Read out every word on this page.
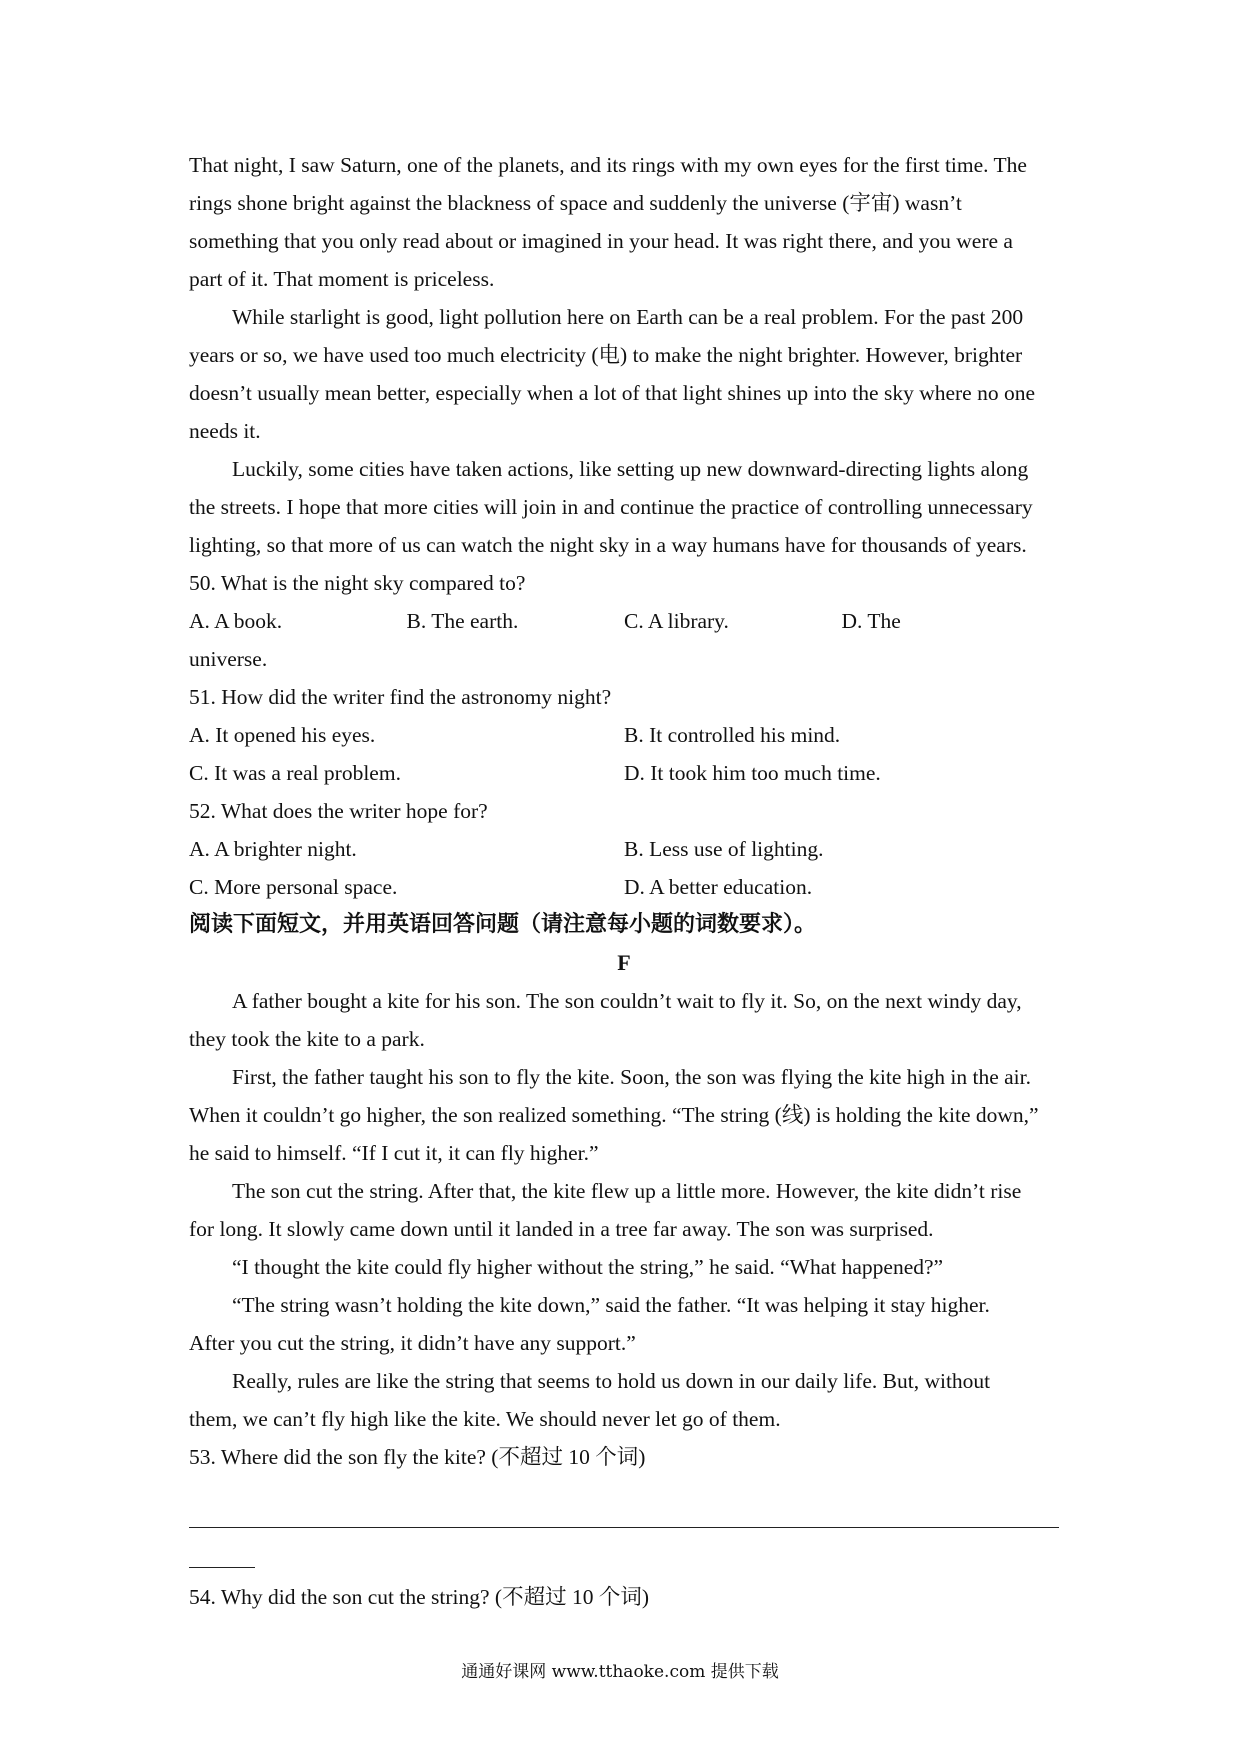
That night, I saw Saturn, one of the planets, and its rings with my own eyes for the first time. The
rings shone bright against the blackness of space and suddenly the universe (宇宙) wasn’t
something that you only read about or imagined in your head. It was right there, and you were a
part of it. That moment is priceless.
While starlight is good, light pollution here on Earth can be a real problem. For the past 200
years or so, we have used too much electricity (电) to make the night brighter. However, brighter
doesn’t usually mean better, especially when a lot of that light shines up into the sky where no one
needs it.
Luckily, some cities have taken actions, like setting up new downward-directing lights along
the streets. I hope that more cities will join in and continue the practice of controlling unnecessary
lighting, so that more of us can watch the night sky in a way humans have for thousands of years.
50. What is the night sky compared to?
A. A book.	B. The earth.	C. A library.	D. The
universe.
51. How did the writer find the astronomy night?
A. It opened his eyes.	B. It controlled his mind.
C. It was a real problem.	D. It took him too much time.
52. What does the writer hope for?
A. A brighter night.	B. Less use of lighting.
C. More personal space.	D. A better education.
阅读下面短文，并用英语回答问题（请注意每小题的词数要求）。
F
A father bought a kite for his son. The son couldn’t wait to fly it. So, on the next windy day,
they took the kite to a park.
First, the father taught his son to fly the kite. Soon, the son was flying the kite high in the air.
When it couldn’t go higher, the son realized something. “The string (线) is holding the kite down,”
he said to himself. “If I cut it, it can fly higher.”
The son cut the string. After that, the kite flew up a little more. However, the kite didn’t rise
for long. It slowly came down until it landed in a tree far away. The son was surprised.
“I thought the kite could fly higher without the string,” he said. “What happened?”
“The string wasn’t holding the kite down,” said the father. “It was helping it stay higher.
After you cut the string, it didn’t have any support.”
Really, rules are like the string that seems to hold us down in our daily life. But, without
them, we can’t fly high like the kite. We should never let go of them.
53. Where did the son fly the kite? (不超过 10 个词)
54. Why did the son cut the string? (不超过 10 个词)
通通好课网 www.tthaoke.com 提供下载
